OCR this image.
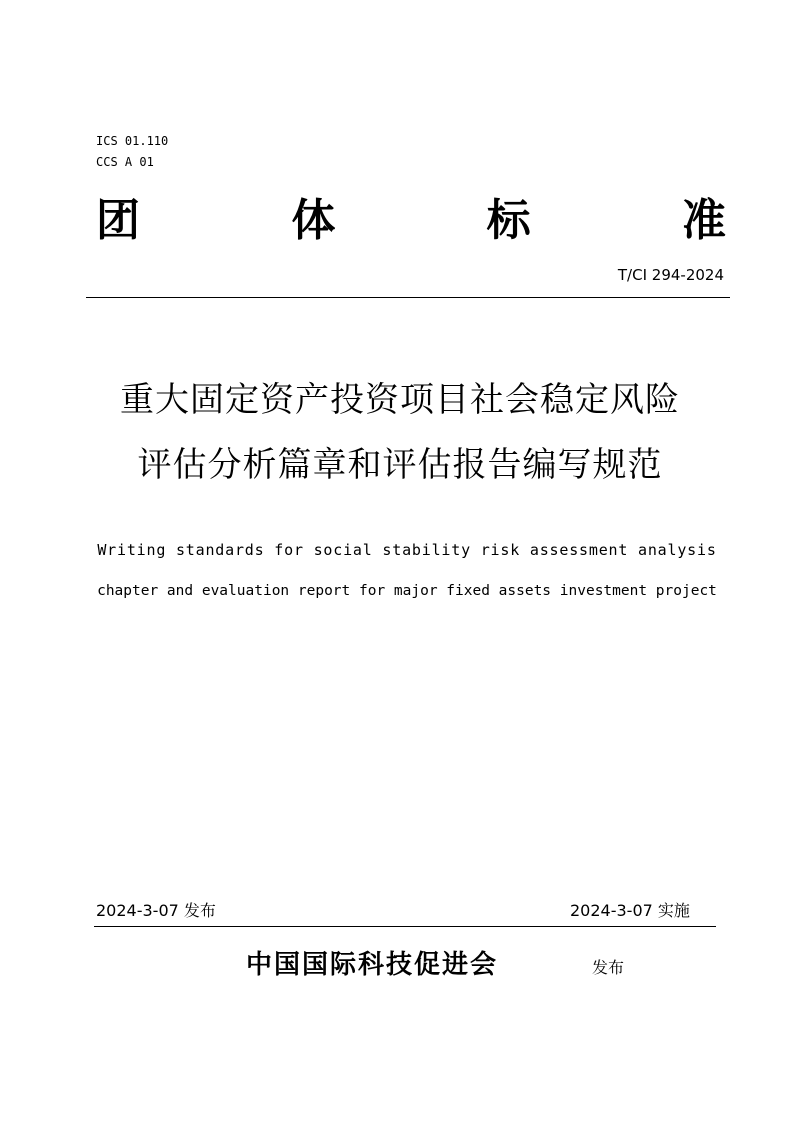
ICS 01.110
CCS A 01
团	体	标	准
T/CI 294-2024
重大固定资产投资项目社会稳定风险
评估分析篇章和评估报告编写规范
Writing standards for social stability risk assessment analysis
chapter and evaluation report for major fixed assets investment project
2024-3-07 发布	2024-3-07 实施
中国国际科技促进会	发布
